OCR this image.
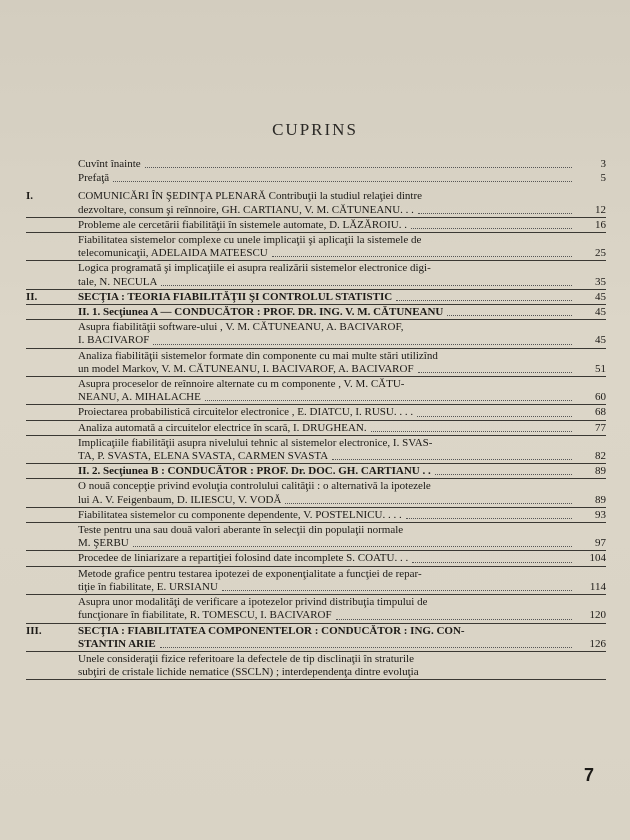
CUPRINS
Cuvînt înainte	3
Prefaţă	5
I.	COMUNICĂRI ÎN ŞEDINŢA PLENARĂ Contribuţii la studiul relaţiei dintre
dezvoltare, consum şi reînnoire, GH. CARTIANU, V. M. CĂTUNEANU. . .	12
Probleme ale cercetării fiabilităţii în sistemele automate, D. LĂZĂROIU. .	16
Fiabilitatea sistemelor complexe cu unele implicaţii şi aplicaţii la sistemele de
telecomunicaţii, ADELAIDA MATEESCU	25
Logica programată şi implicaţiile ei asupra realizării sistemelor electronice digi-
tale, N. NECULA	35
II.	SECŢIA : TEORIA FIABILITĂŢII ŞI CONTROLUL STATISTIC	45
II. 1. Secţiunea A — CONDUCĂTOR : PROF. DR. ING. V. M. CĂTUNEANU	45
Asupra fiabilităţii software-ului , V. M. CĂTUNEANU, A. BACIVAROF,
I. BACIVAROF	45
Analiza fiabilităţii sistemelor formate din componente cu mai multe stări utilizînd
un model Markov, V. M. CĂTUNEANU, I. BACIVAROF, A. BACIVAROF	51
Asupra proceselor de reînnoire alternate cu m componente , V. M. CĂTU-
NEANU, A. MIHALACHE	60
Proiectarea probabilistică circuitelor electronice , E. DIATCU, I. RUSU. . . .	68
Analiza automată a circuitelor electrice în scară, I. DRUGHEAN.	77
Implicaţiile fiabilităţii asupra nivelului tehnic al sistemelor electronice, I. SVAS-
TA, P. SVASTA, ELENA SVASTA, CARMEN SVASTA	82
II. 2. Secţiunea B : CONDUCĂTOR : PROF. Dr. DOC. GH. CARTIANU . .	89
O nouă concepţie privind evoluţia controlului calităţii : o alternativă la ipotezele
lui A. V. Feigenbaum, D. ILIESCU, V. VODĂ	89
Fiabilitatea sistemelor cu componente dependente, V. POSTELNICU. . . .	93
Teste pentru una sau două valori aberante în selecţii din populaţii normale
M. ŞERBU	97
Procedee de liniarizare a repartiţiei folosind date incomplete S. COATU. . .	104
Metode grafice pentru testarea ipotezei de exponenţialitate a funcţiei de repar-
tiţie în fiabilitate, E. URSIANU	114
Asupra unor modalităţi de verificare a ipotezelor privind distribuţia timpului de
funcţionare în fiabilitate, R. TOMESCU, I. BACIVAROF	120
III.	SECŢIA : FIABILITATEA COMPONENTELOR : CONDUCĂTOR : ING. CON-
STANTIN ARIE	126
Unele consideraţii fizice referitoare la defectele de tip disclinaţii în straturile
subţiri de cristale lichide nematice (SSCLN) ; interdependenţa dintre evoluţia
7
